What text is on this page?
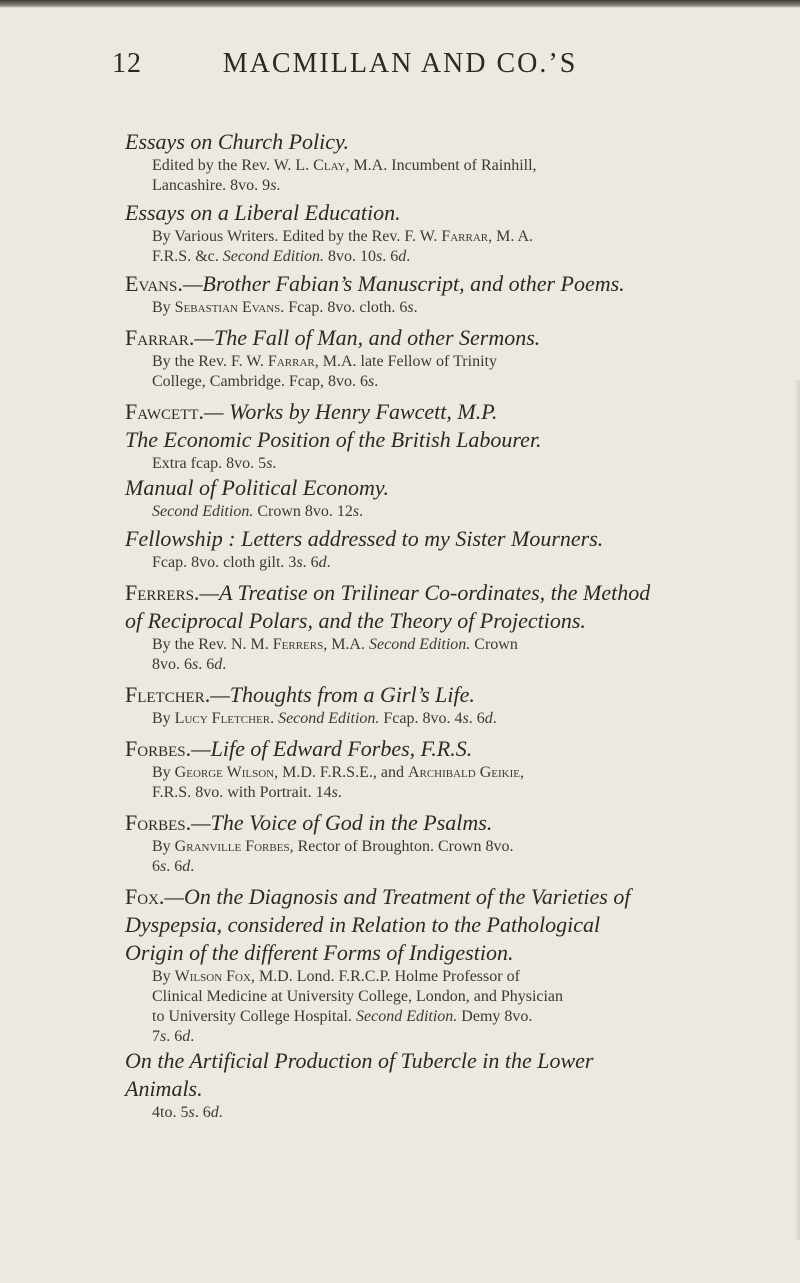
12	MACMILLAN AND CO.’S
Essays on Church Policy.
Edited by the Rev. W. L. Clay, M.A. Incumbent of Rainhill,
Lancashire. 8vo. 9s.
Essays on a Liberal Education.
By Various Writers. Edited by the Rev. F. W. Farrar, M. A.
F.R.S. &c. Second Edition. 8vo. 10s. 6d.
Evans.—Brother Fabian’s Manuscript, and other Poems.
By Sebastian Evans. Fcap. 8vo. cloth. 6s.
Farrar.—The Fall of Man, and other Sermons.
By the Rev. F. W. Farrar, M.A. late Fellow of Trinity
College, Cambridge. Fcap, 8vo. 6s.
Fawcett.— Works by Henry Fawcett, M.P.
The Economic Position of the British Labourer.
Extra fcap. 8vo. 5s.
Manual of Political Economy.
Second Edition. Crown 8vo. 12s.
Fellowship : Letters addressed to my Sister Mourners.
Fcap. 8vo. cloth gilt. 3s. 6d.
Ferrers.—A Treatise on Trilinear Co-ordinates, the Method
of Reciprocal Polars, and the Theory of Projections.
By the Rev. N. M. Ferrers, M.A. Second Edition. Crown
8vo. 6s. 6d.
Fletcher.—Thoughts from a Girl’s Life.
By Lucy Fletcher. Second Edition. Fcap. 8vo. 4s. 6d.
Forbes.—Life of Edward Forbes, F.R.S.
By George Wilson, M.D. F.R.S.E., and Archibald Geikie,
F.R.S. 8vo. with Portrait. 14s.
Forbes.—The Voice of God in the Psalms.
By Granville Forbes, Rector of Broughton. Crown 8vo.
6s. 6d.
Fox.—On the Diagnosis and Treatment of the Varieties of
Dyspepsia, considered in Relation to the Pathological
Origin of the different Forms of Indigestion.
By Wilson Fox, M.D. Lond. F.R.C.P. Holme Professor of
Clinical Medicine at University College, London, and Physician
to University College Hospital. Second Edition. Demy 8vo.
7s. 6d.
On the Artificial Production of Tubercle in the Lower
Animals.
4to. 5s. 6d.
